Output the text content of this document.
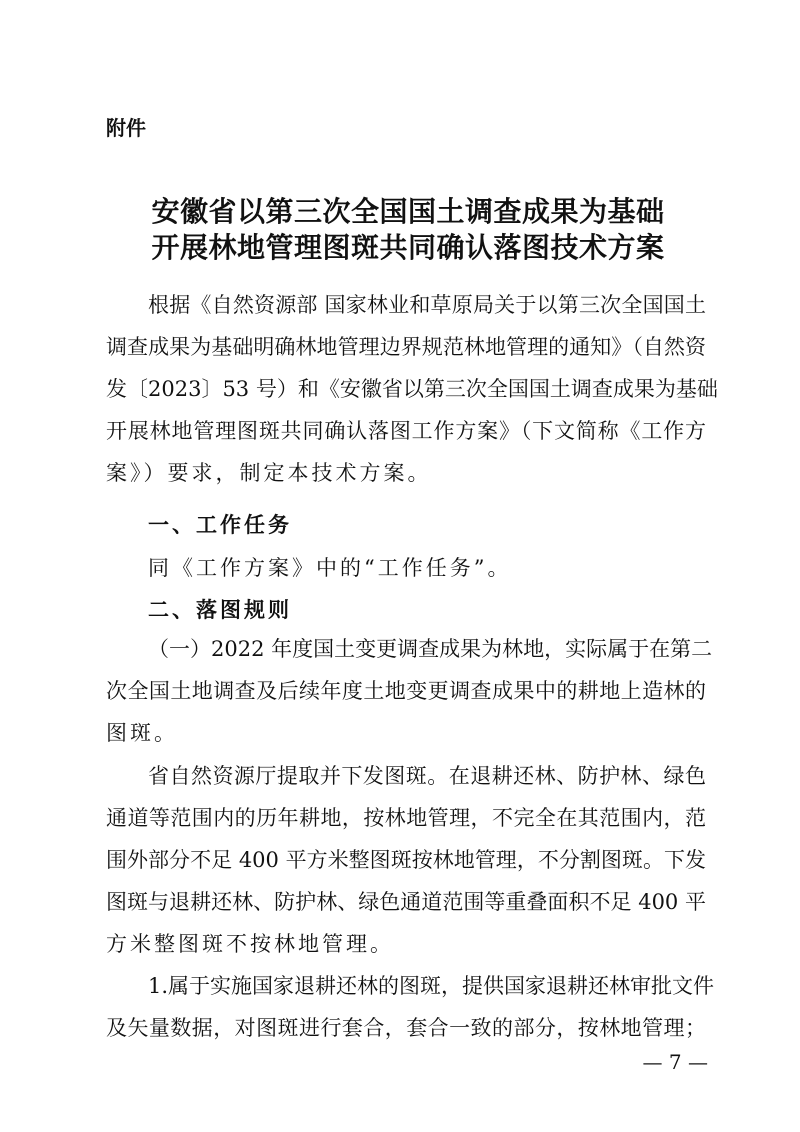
附件
安徽省以第三次全国国土调查成果为基础
开展林地管理图斑共同确认落图技术方案
根据《自然资源部 国家林业和草原局关于以第三次全国国土
调查成果为基础明确林地管理边界规范林地管理的通知》（自然资
发〔2023〕53 号）和《安徽省以第三次全国国土调查成果为基础
开展林地管理图斑共同确认落图工作方案》（下文简称《工作方
案》）要求，制定本技术方案。
一、工作任务
同《工作方案》中的“工作任务”。
二、落图规则
（一）2022 年度国土变更调查成果为林地，实际属于在第二
次全国土地调查及后续年度土地变更调查成果中的耕地上造林的
图斑。
省自然资源厅提取并下发图斑。在退耕还林、防护林、绿色
通道等范围内的历年耕地，按林地管理，不完全在其范围内，范
围外部分不足 400 平方米整图斑按林地管理，不分割图斑。下发
图斑与退耕还林、防护林、绿色通道范围等重叠面积不足 400 平
方米整图斑不按林地管理。
1.属于实施国家退耕还林的图斑，提供国家退耕还林审批文件
及矢量数据，对图斑进行套合，套合一致的部分，按林地管理；
— 7 —
